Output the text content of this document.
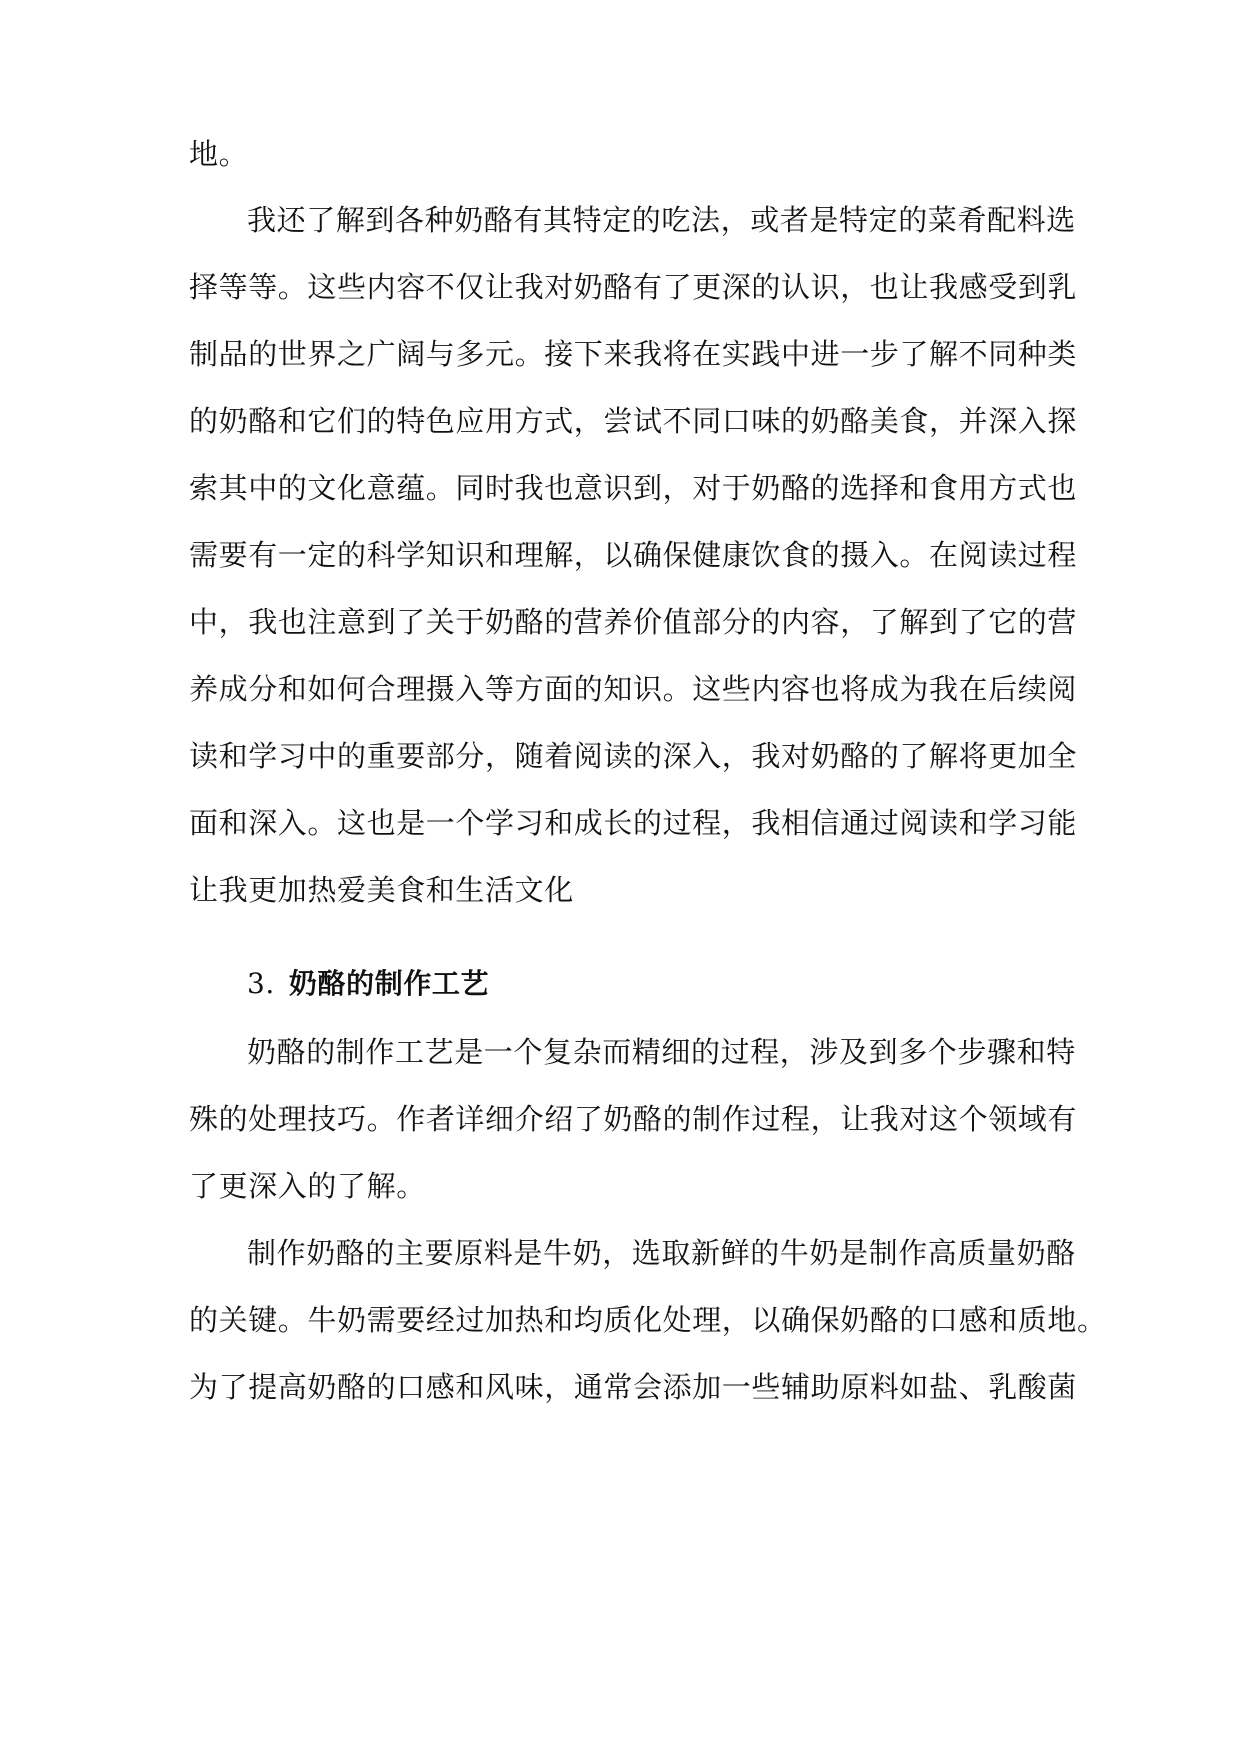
地。
我还了解到各种奶酪有其特定的吃法，或者是特定的菜肴配料选
择等等。这些内容不仅让我对奶酪有了更深的认识，也让我感受到乳
制品的世界之广阔与多元。接下来我将在实践中进一步了解不同种类
的奶酪和它们的特色应用方式，尝试不同口味的奶酪美食，并深入探
索其中的文化意蕴。同时我也意识到，对于奶酪的选择和食用方式也
需要有一定的科学知识和理解，以确保健康饮食的摄入。在阅读过程
中，我也注意到了关于奶酪的营养价值部分的内容，了解到了它的营
养成分和如何合理摄入等方面的知识。这些内容也将成为我在后续阅
读和学习中的重要部分，随着阅读的深入，我对奶酪的了解将更加全
面和深入。这也是一个学习和成长的过程，我相信通过阅读和学习能
让我更加热爱美食和生活文化
3. 奶酪的制作工艺
奶酪的制作工艺是一个复杂而精细的过程，涉及到多个步骤和特
殊的处理技巧。作者详细介绍了奶酪的制作过程，让我对这个领域有
了更深入的了解。
制作奶酪的主要原料是牛奶，选取新鲜的牛奶是制作高质量奶酪
的关键。牛奶需要经过加热和均质化处理，以确保奶酪的口感和质地。
为了提高奶酪的口感和风味，通常会添加一些辅助原料如盐、乳酸菌
